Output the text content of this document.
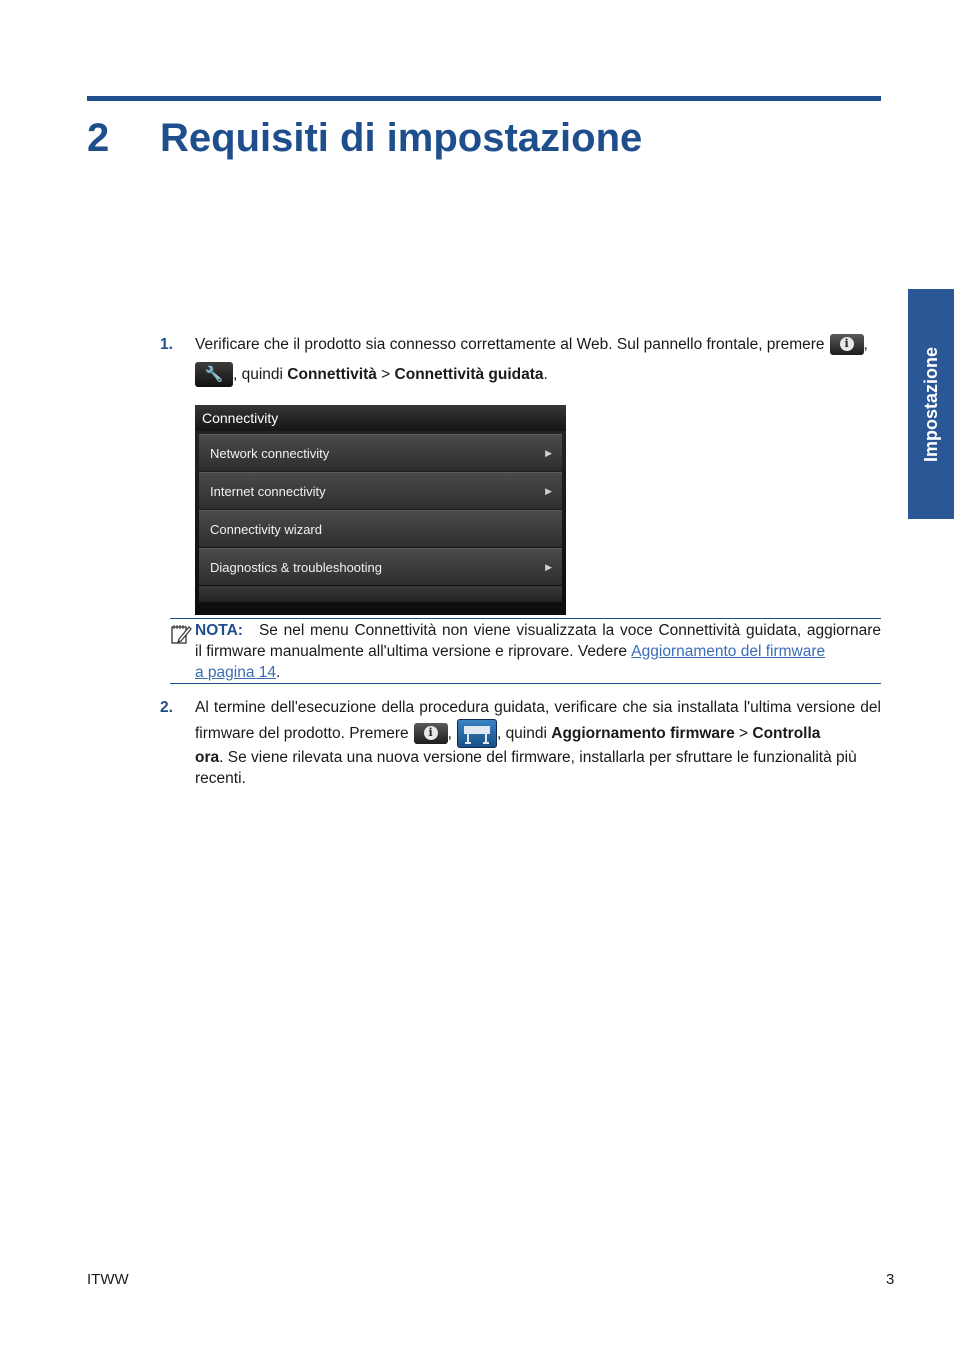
2	Requisiti di impostazione
Impostazione
1. Verificare che il prodotto sia connesso correttamente al Web. Sul pannello frontale, premere i	,
🔧 , quindi
Connettività
>
Connettività guidata .
Connectivity
Network connectivity	▶
Internet connectivity	▶
Connectivity wizard
Diagnostics & troubleshooting	▶
NOTA: Se nel menu Connettività non viene visualizzata la voce Connettività guidata, aggiornare
il firmware manualmente all'ultima versione e riprovare. Vedere Aggiornamento del firmware
a pagina 14.
2. Al termine dell'esecuzione della procedura guidata, verificare che sia installata l'ultima versione del
firmware del prodotto. Premere i	,	, quindi
Aggiornamento firmware
>
Controlla
ora. Se viene rilevata una nuova versione del firmware, installarla per sfruttare le funzionalità più
recenti.
ITWW	3
